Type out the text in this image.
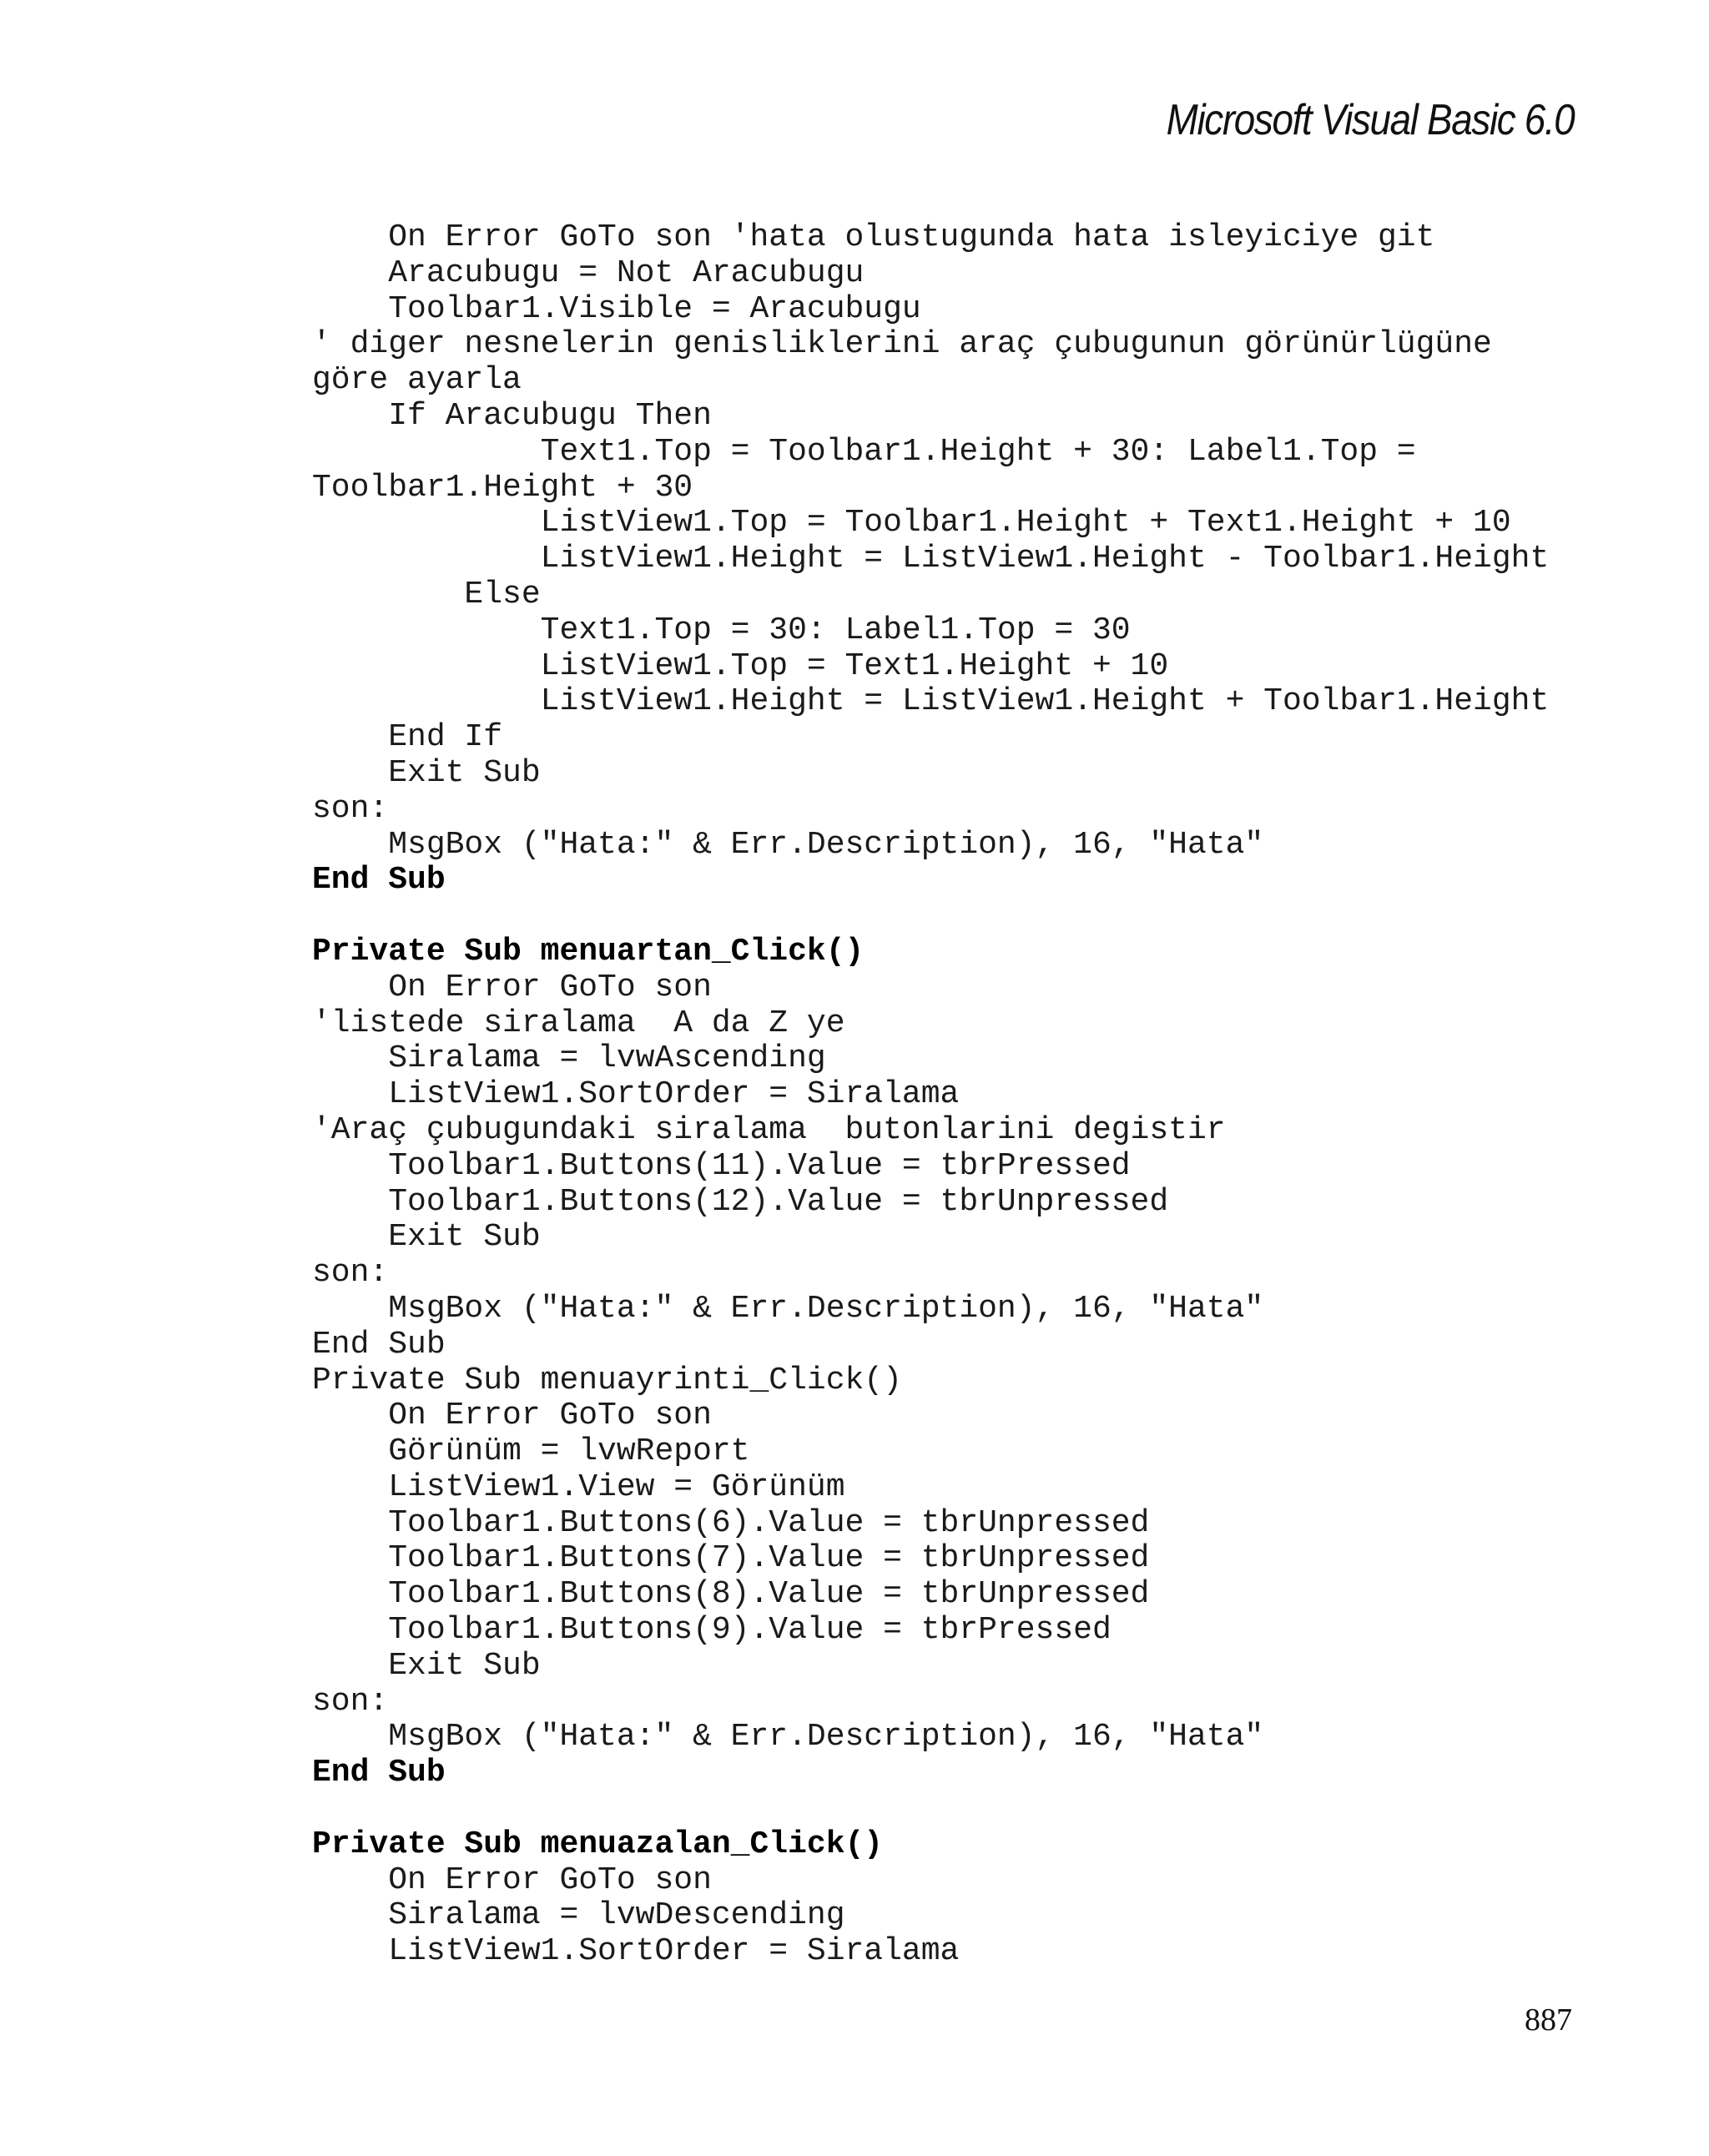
Microsoft Visual Basic 6.0
On Error GoTo son 'hata olustugunda hata isleyiciye git
Aracubugu = Not Aracubugu
Toolbar1.Visible = Aracubugu
' diger nesnelerin genisliklerini araç çubugunun görünürlügüne
göre ayarla
If Aracubugu Then
Text1.Top = Toolbar1.Height + 30: Label1.Top =
Toolbar1.Height + 30
ListView1.Top = Toolbar1.Height + Text1.Height + 10
ListView1.Height = ListView1.Height - Toolbar1.Height
Else
Text1.Top = 30: Label1.Top = 30
ListView1.Top = Text1.Height + 10
ListView1.Height = ListView1.Height + Toolbar1.Height
End If
Exit Sub
son:
MsgBox ("Hata:" & Err.Description), 16, "Hata"
End Sub
Private Sub menuartan_Click()
On Error GoTo son
'listede siralama  A da Z ye
Siralama = lvwAscending
ListView1.SortOrder = Siralama
'Araç çubugundaki siralama  butonlarini degistir
Toolbar1.Buttons(11).Value = tbrPressed
Toolbar1.Buttons(12).Value = tbrUnpressed
Exit Sub
son:
MsgBox ("Hata:" & Err.Description), 16, "Hata"
End Sub
Private Sub menuayrinti_Click()
On Error GoTo son
Görünüm = lvwReport
ListView1.View = Görünüm
Toolbar1.Buttons(6).Value = tbrUnpressed
Toolbar1.Buttons(7).Value = tbrUnpressed
Toolbar1.Buttons(8).Value = tbrUnpressed
Toolbar1.Buttons(9).Value = tbrPressed
Exit Sub
son:
MsgBox ("Hata:" & Err.Description), 16, "Hata"
End Sub
Private Sub menuazalan_Click()
On Error GoTo son
Siralama = lvwDescending
ListView1.SortOrder = Siralama
887
